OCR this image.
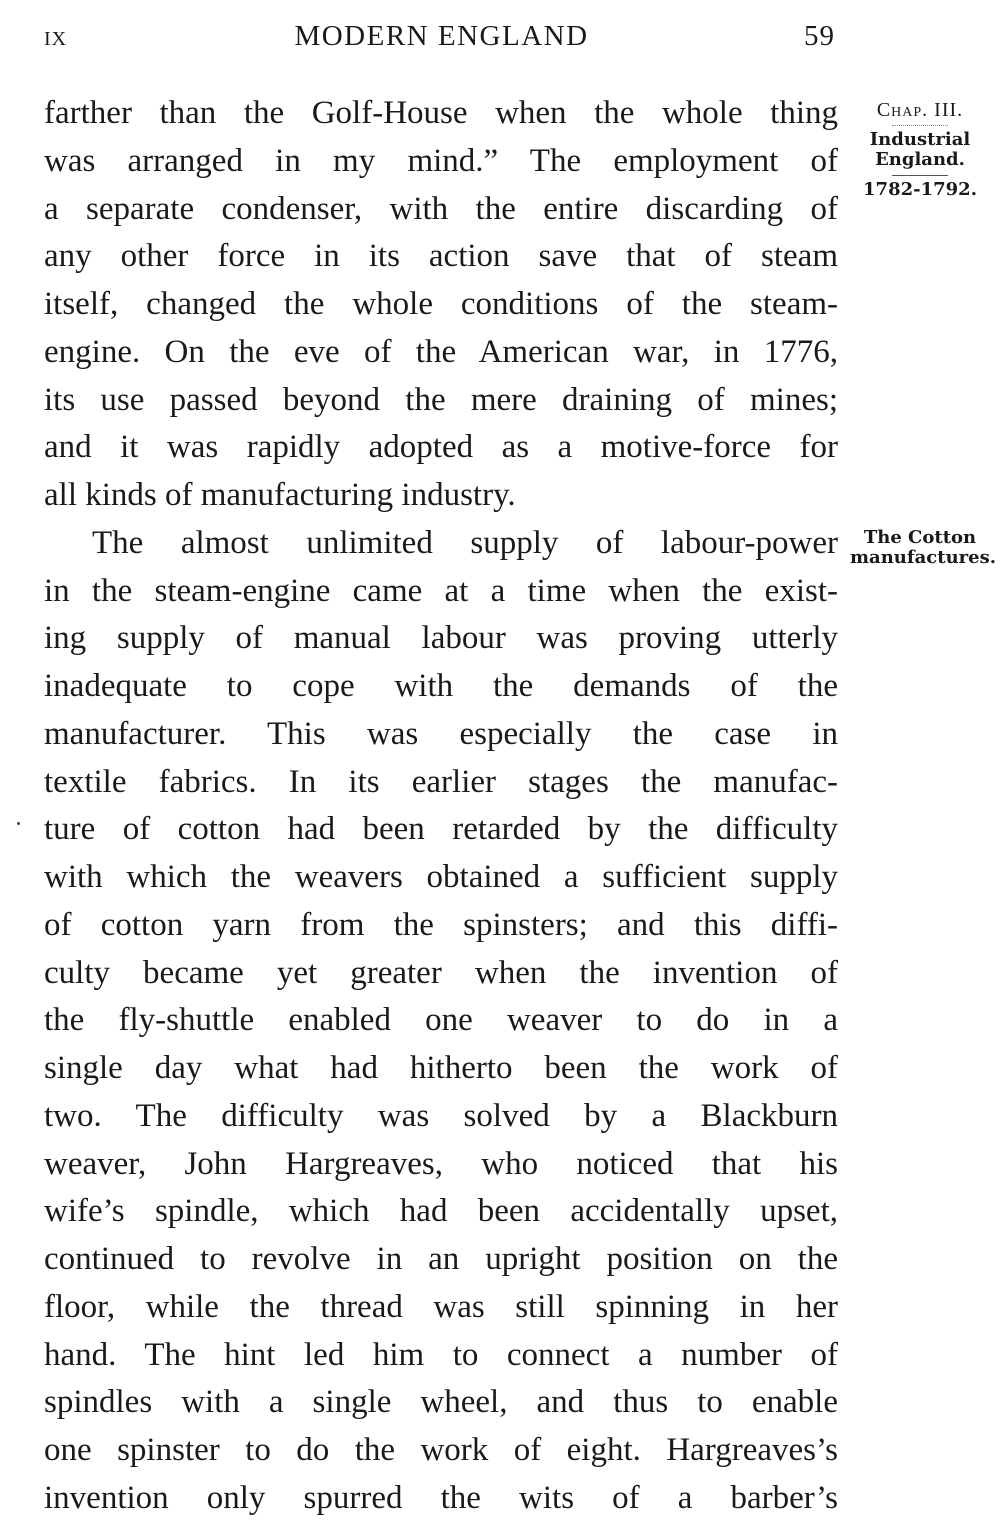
ix	MODERN ENGLAND	59
farther than the Golf-House when the whole thing
was arranged in my mind.” The employment of
a separate condenser, with the entire discarding of
any other force in its action save that of steam
itself, changed the whole conditions of the steam-
engine. On the eve of the American war, in 1776,
its use passed beyond the mere draining of mines;
and it was rapidly adopted as a motive-force for
all kinds of manufacturing industry.
The almost unlimited supply of labour-power
in the steam-engine came at a time when the exist-
ing supply of manual labour was proving utterly
inadequate to cope with the demands of the
manufacturer. This was especially the case in
textile fabrics. In its earlier stages the manufac-
ture of cotton had been retarded by the difficulty
with which the weavers obtained a sufficient supply
of cotton yarn from the spinsters; and this diffi-
culty became yet greater when the invention of
the fly-shuttle enabled one weaver to do in a
single day what had hitherto been the work of
two. The difficulty was solved by a Blackburn
weaver, John Hargreaves, who noticed that his
wife’s spindle, which had been accidentally upset,
continued to revolve in an upright position on the
floor, while the thread was still spinning in her
hand. The hint led him to connect a number of
spindles with a single wheel, and thus to enable
one spinster to do the work of eight. Hargreaves’s
invention only spurred the wits of a barber’s
Chap. III.
Industrial England.
1782-1792.
The Cotton manufactures.
